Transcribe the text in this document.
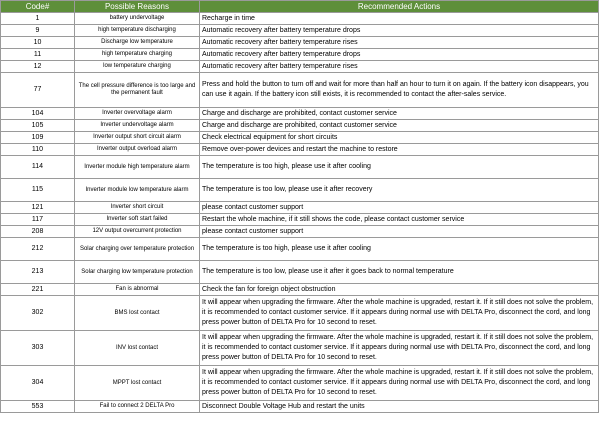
Code#	Possible Reasons	Recommended Actions
1	battery undervoltage	Recharge in time
9	high temperature discharging	Automatic recovery after battery temperature drops
10	Discharge low temperature	Automatic recovery after battery temperature rises
11	high temperature charging	Automatic recovery after battery temperature drops
12	low temperature charging	Automatic recovery after battery temperature rises
77	The cell pressure difference is too large and the permanent fault	Press and hold the button to turn off and wait for more than half an hour to turn it on again. If the battery icon disappears, you can use it again. If the battery icon still exists, it is recommended to contact the after-sales service.
104	Inverter overvoltage alarm	Charge and discharge are prohibited, contact customer service
105	Inverter undervoltage alarm	Charge and discharge are prohibited, contact customer service
109	Inverter output short circuit alarm	Check electrical equipment for short circuits
110	Inverter output overload alarm	Remove over-power devices and restart the machine to restore
114	Inverter module high temperature alarm	The temperature is too high, please use it after cooling
115	Inverter module low temperature alarm	The temperature is too low, please use it after recovery
121	Inverter short circuit	please contact customer support
117	Inverter soft start failed	Restart the whole machine, if it still shows the code, please contact customer service
208	12V output overcurrent protection	please contact customer support
212	Solar charging over temperature protection	The temperature is too high, please use it after cooling
213	Solar charging low temperature protection	The temperature is too low, please use it after it goes back to normal temperature
221	Fan is abnormal	Check the fan for foreign object obstruction
302	BMS lost contact	It will appear when upgrading the firmware. After the whole machine is upgraded, restart it. If it still does not solve the problem, it is recommended to contact customer service. If it appears during normal use with DELTA Pro, disconnect the cord, and long press power button of DELTA Pro for 10 second to reset.
303	INV lost contact	It will appear when upgrading the firmware. After the whole machine is upgraded, restart it. If it still does not solve the problem, it is recommended to contact customer service. If it appears during normal use with DELTA Pro, disconnect the cord, and long press power button of DELTA Pro for 10 second to reset.
304	MPPT lost contact	It will appear when upgrading the firmware. After the whole machine is upgraded, restart it. If it still does not solve the problem, it is recommended to contact customer service. If it appears during normal use with DELTA Pro, disconnect the cord, and long press power button of DELTA Pro for 10 second to reset.
553	Fail to connect 2 DELTA Pro	Disconnect Double Voltage Hub and restart the units
